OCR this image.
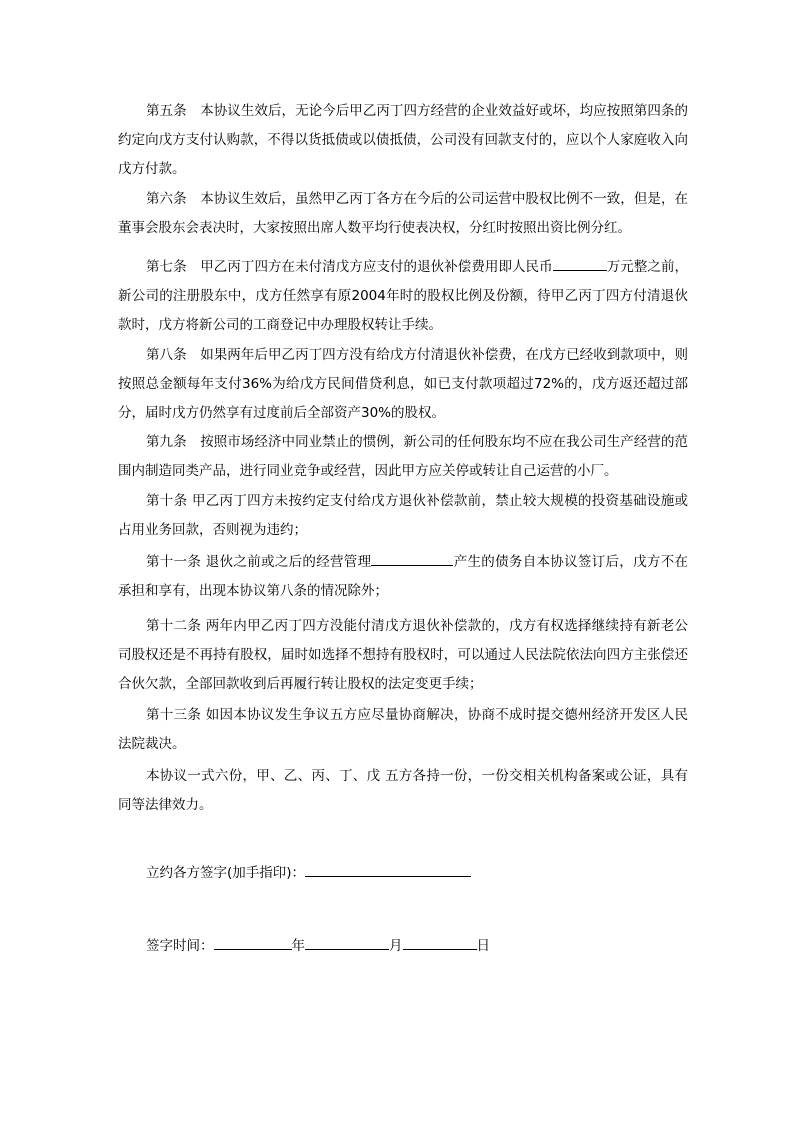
第五条　本协议生效后，无论今后甲乙丙丁四方经营的企业效益好或坏，均应按照第四条的约定向戊方支付认购款，不得以货抵债或以债抵债，公司没有回款支付的，应以个人家庭收入向戊方付款。

第六条　本协议生效后，虽然甲乙丙丁各方在今后的公司运营中股权比例不一致，但是，在董事会股东会表决时，大家按照出席人数平均行使表决权，分红时按照出资比例分红。

第七条　甲乙丙丁四方在未付清戊方应支付的退伙补偿费用即人民币	万元整之前，新公司的注册股东中，戊方任然享有原2004年时的股权比例及份额，待甲乙丙丁四方付清退伙款时，戊方将新公司的工商登记中办理股权转让手续。

第八条　如果两年后甲乙丙丁四方没有给戊方付清退伙补偿费，在戊方已经收到款项中，则按照总金额每年支付36%为给戊方民间借贷利息，如已支付款项超过72%的，戊方返还超过部分，届时戊方仍然享有过度前后全部资产30%的股权。

第九条　按照市场经济中同业禁止的惯例，新公司的任何股东均不应在我公司生产经营的范围内制造同类产品，进行同业竞争或经营，因此甲方应关停或转让自己运营的小厂。

第十条 甲乙丙丁四方未按约定支付给戊方退伙补偿款前，禁止较大规模的投资基础设施或占用业务回款，否则视为违约；

第十一条 退伙之前或之后的经营管理	产生的债务自本协议签订后，戊方不在承担和享有，出现本协议第八条的情况除外；

第十二条 两年内甲乙丙丁四方没能付清戊方退伙补偿款的，戊方有权选择继续持有新老公司股权还是不再持有股权，届时如选择不想持有股权时，可以通过人民法院依法向四方主张偿还合伙欠款，全部回款收到后再履行转让股权的法定变更手续；

第十三条 如因本协议发生争议五方应尽量协商解决，协商不成时提交德州经济开发区人民法院裁决。

本协议一式六份，甲、乙、丙、丁、戊 五方各持一份，一份交相关机构备案或公证，具有同等法律效力。

立约各方签字(加手指印)：
签字时间：	年	月	日
